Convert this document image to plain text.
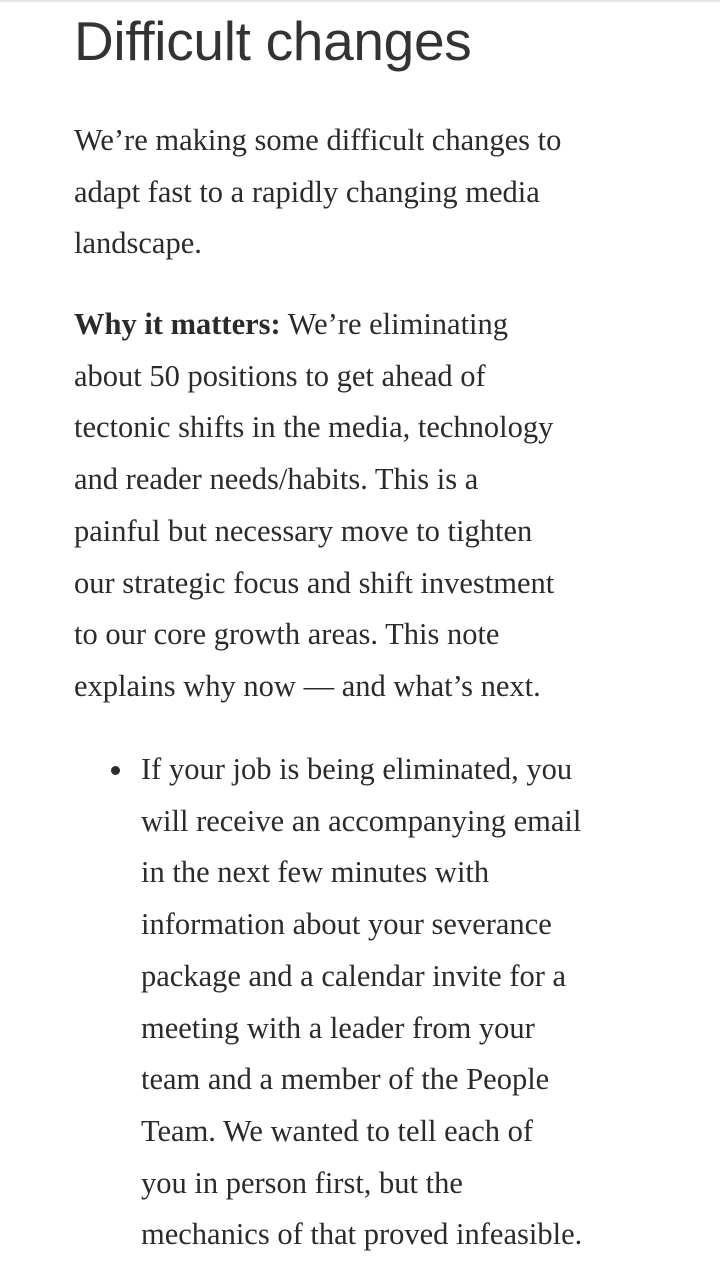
Difficult changes

We’re making some difficult changes to
adapt fast to a rapidly changing media
landscape.

Why it matters: We’re eliminating
about 50 positions to get ahead of
tectonic shifts in the media, technology
and reader needs/habits. This is a
painful but necessary move to tighten
our strategic focus and shift investment
to our core growth areas. This note
explains why now — and what’s next.

If your job is being eliminated, you
will receive an accompanying email
in the next few minutes with
information about your severance
package and a calendar invite for a
meeting with a leader from your
team and a member of the People
Team. We wanted to tell each of
you in person first, but the
mechanics of that proved infeasible.
